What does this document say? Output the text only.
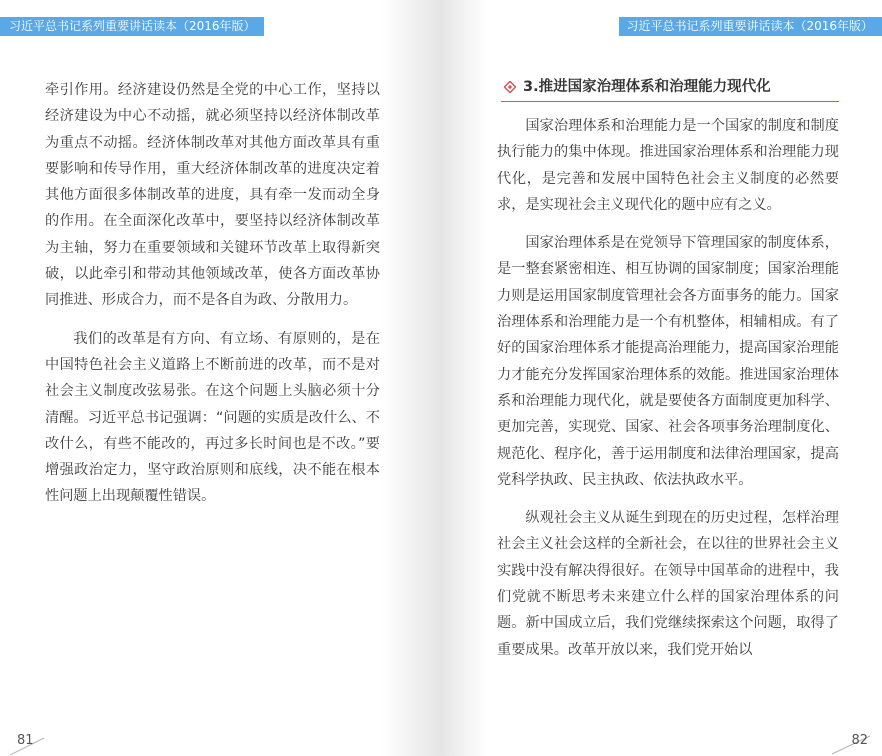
习近平总书记系列重要讲话读本（2016年版）

牵引作用。经济建设仍然是全党的中心工作，坚持以经济建设为中心不动摇，就必须坚持以经济体制改革为重点不动摇。经济体制改革对其他方面改革具有重要影响和传导作用，重大经济体制改革的进度决定着其他方面很多体制改革的进度，具有牵一发而动全身的作用。在全面深化改革中，要坚持以经济体制改革为主轴，努力在重要领域和关键环节改革上取得新突破，以此牵引和带动其他领域改革，使各方面改革协同推进、形成合力，而不是各自为政、分散用力。

我们的改革是有方向、有立场、有原则的，是在中国特色社会主义道路上不断前进的改革，而不是对社会主义制度改弦易张。在这个问题上头脑必须十分清醒。习近平总书记强调：“问题的实质是改什么、不改什么，有些不能改的，再过多长时间也是不改。”要增强政治定力，坚守政治原则和底线，决不能在根本性问题上出现颠覆性错误。

81
习近平总书记系列重要讲话读本（2016年版）
3.推进国家治理体系和治理能力现代化

国家治理体系和治理能力是一个国家的制度和制度执行能力的集中体现。推进国家治理体系和治理能力现代化，是完善和发展中国特色社会主义制度的必然要求，是实现社会主义现代化的题中应有之义。

国家治理体系是在党领导下管理国家的制度体系，是一整套紧密相连、相互协调的国家制度；国家治理能力则是运用国家制度管理社会各方面事务的能力。国家治理体系和治理能力是一个有机整体，相辅相成。有了好的国家治理体系才能提高治理能力，提高国家治理能力才能充分发挥国家治理体系的效能。推进国家治理体系和治理能力现代化，就是要使各方面制度更加科学、更加完善，实现党、国家、社会各项事务治理制度化、规范化、程序化，善于运用制度和法律治理国家，提高党科学执政、民主执政、依法执政水平。

纵观社会主义从诞生到现在的历史过程，怎样治理社会主义社会这样的全新社会，在以往的世界社会主义实践中没有解决得很好。在领导中国革命的进程中，我们党就不断思考未来建立什么样的国家治理体系的问题。新中国成立后，我们党继续探索这个问题，取得了重要成果。改革开放以来，我们党开始以

82
